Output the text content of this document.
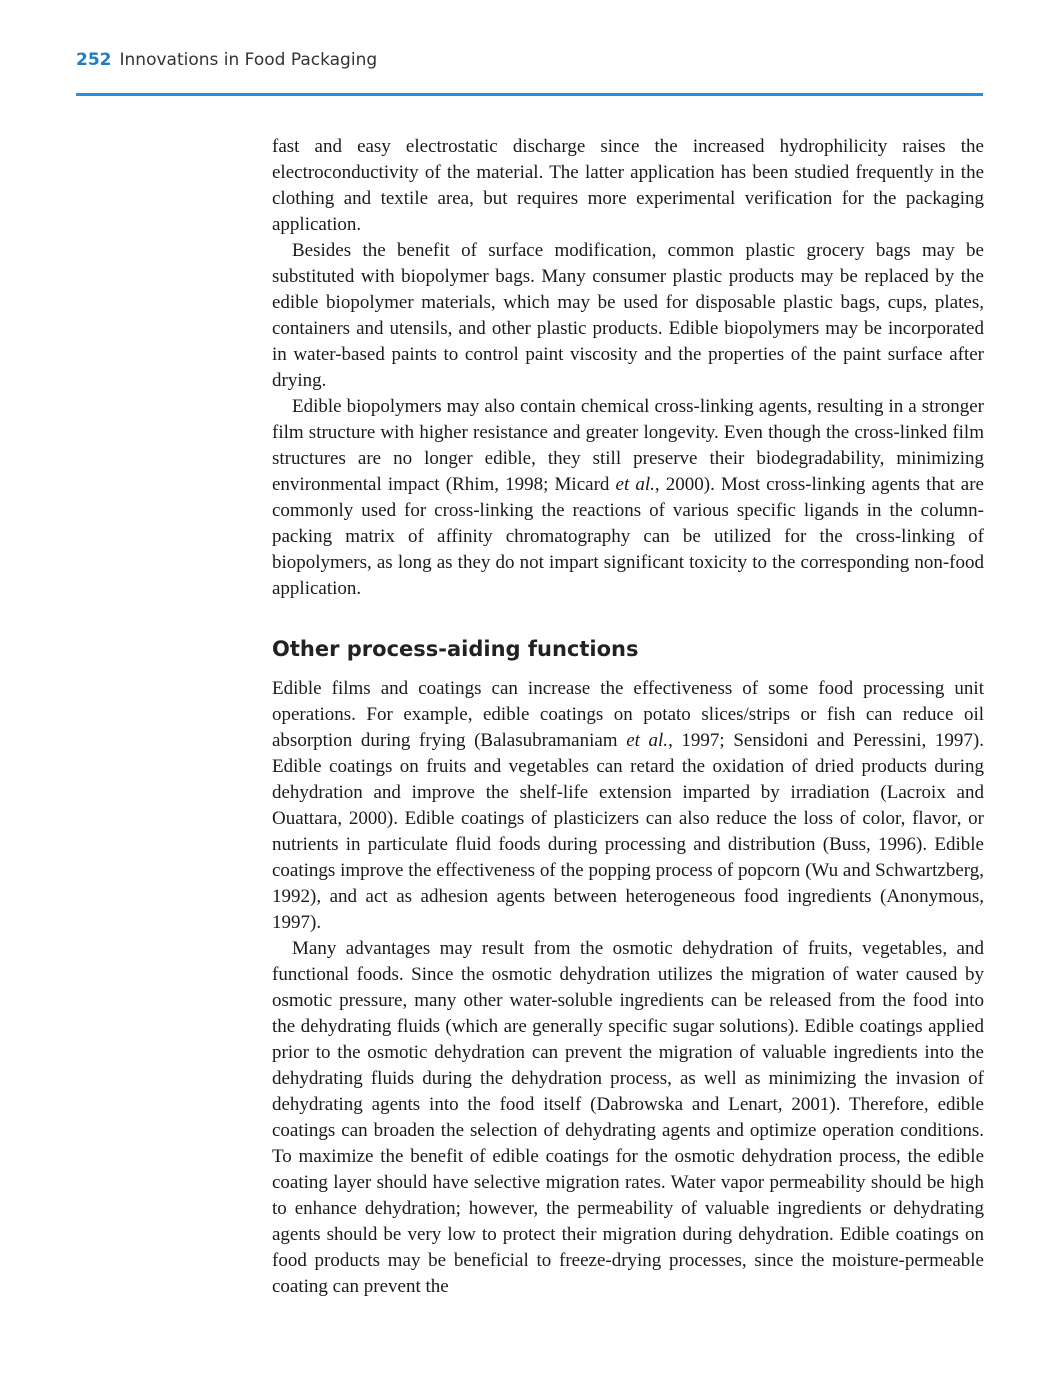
252 Innovations in Food Packaging

fast and easy electrostatic discharge since the increased hydrophilicity raises the electroconductivity of the material. The latter application has been studied frequently in the clothing and textile area, but requires more experimental verification for the packaging application.

Besides the benefit of surface modification, common plastic grocery bags may be substituted with biopolymer bags. Many consumer plastic products may be replaced by the edible biopolymer materials, which may be used for disposable plastic bags, cups, plates, containers and utensils, and other plastic products. Edible biopolymers may be incorporated in water-based paints to control paint viscosity and the properties of the paint surface after drying.

Edible biopolymers may also contain chemical cross-linking agents, resulting in a stronger film structure with higher resistance and greater longevity. Even though the cross-linked film structures are no longer edible, they still preserve their biodegradability, minimizing environmental impact (Rhim, 1998; Micard et al., 2000). Most cross-linking agents that are commonly used for cross-linking the reactions of various specific ligands in the column-packing matrix of affinity chromatography can be utilized for the cross-linking of biopolymers, as long as they do not impart significant toxicity to the corresponding non-food application.

Other process-aiding functions

Edible films and coatings can increase the effectiveness of some food processing unit operations. For example, edible coatings on potato slices/strips or fish can reduce oil absorption during frying (Balasubramaniam et al., 1997; Sensidoni and Peressini, 1997). Edible coatings on fruits and vegetables can retard the oxidation of dried products during dehydration and improve the shelf-life extension imparted by irradiation (Lacroix and Ouattara, 2000). Edible coatings of plasticizers can also reduce the loss of color, flavor, or nutrients in particulate fluid foods during processing and distribution (Buss, 1996). Edible coatings improve the effectiveness of the popping process of popcorn (Wu and Schwartzberg, 1992), and act as adhesion agents between heterogeneous food ingredients (Anonymous, 1997).

Many advantages may result from the osmotic dehydration of fruits, vegetables, and functional foods. Since the osmotic dehydration utilizes the migration of water caused by osmotic pressure, many other water-soluble ingredients can be released from the food into the dehydrating fluids (which are generally specific sugar solutions). Edible coatings applied prior to the osmotic dehydration can prevent the migration of valuable ingredients into the dehydrating fluids during the dehydration process, as well as minimizing the invasion of dehydrating agents into the food itself (Dabrowska and Lenart, 2001). Therefore, edible coatings can broaden the selection of dehydrating agents and optimize operation conditions. To maximize the benefit of edible coatings for the osmotic dehydration process, the edible coating layer should have selective migration rates. Water vapor permeability should be high to enhance dehydration; however, the permeability of valuable ingredients or dehydrating agents should be very low to protect their migration during dehydration. Edible coatings on food products may be beneficial to freeze-drying processes, since the moisture-permeable coating can prevent the
